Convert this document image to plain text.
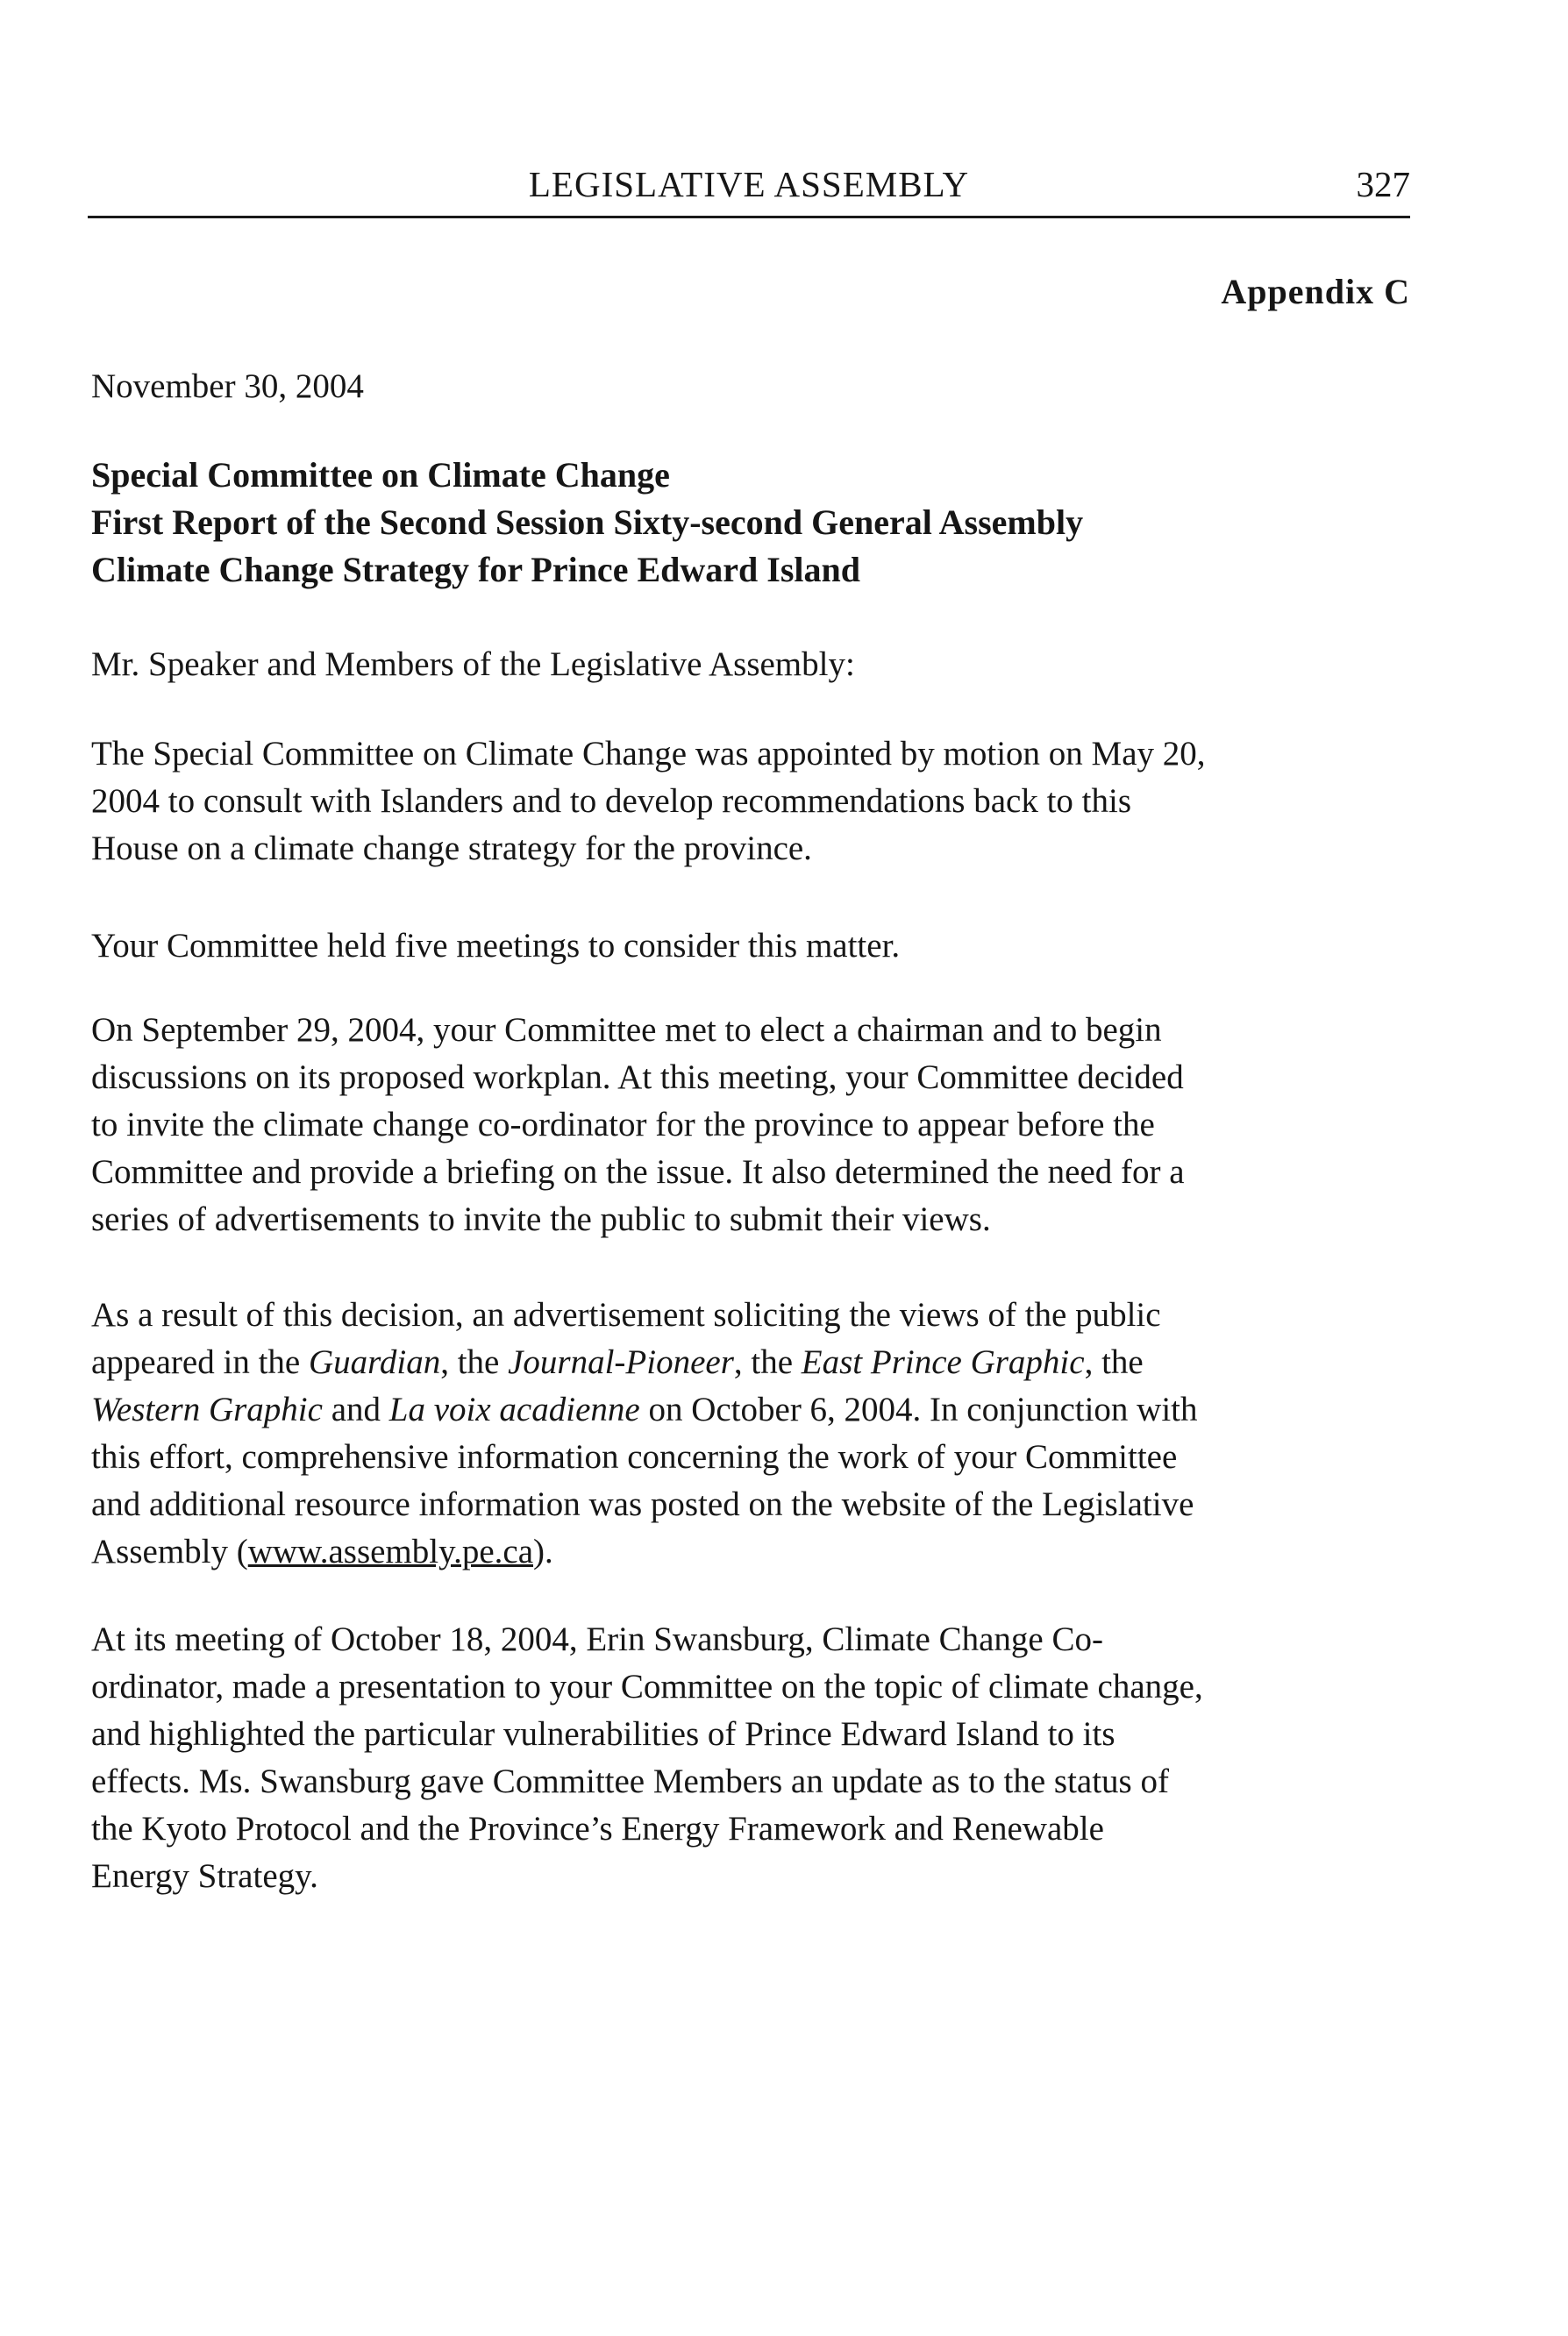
LEGISLATIVE ASSEMBLY	327
Appendix C
November 30, 2004
Special Committee on Climate Change
First Report of the Second Session Sixty-second General Assembly
Climate Change Strategy for Prince Edward Island
Mr. Speaker and Members of the Legislative Assembly:
The Special Committee on Climate Change was appointed by motion on May 20,
2004 to consult with Islanders and to develop recommendations back to this
House on a climate change strategy for the province.
Your Committee held five meetings to consider this matter.
On September 29, 2004, your Committee met to elect a chairman and to begin
discussions on its proposed workplan. At this meeting, your Committee decided
to invite the climate change co-ordinator for the province to appear before the
Committee and provide a briefing on the issue. It also determined the need for a
series of advertisements to invite the public to submit their views.
As a result of this decision, an advertisement soliciting the views of the public
appeared in the Guardian, the Journal-Pioneer, the East Prince Graphic, the
Western Graphic and La voix acadienne on October 6, 2004. In conjunction with
this effort, comprehensive information concerning the work of your Committee
and additional resource information was posted on the website of the Legislative
Assembly (www.assembly.pe.ca).
At its meeting of October 18, 2004, Erin Swansburg, Climate Change Co-
ordinator, made a presentation to your Committee on the topic of climate change,
and highlighted the particular vulnerabilities of Prince Edward Island to its
effects. Ms. Swansburg gave Committee Members an update as to the status of
the Kyoto Protocol and the Province’s Energy Framework and Renewable
Energy Strategy.
